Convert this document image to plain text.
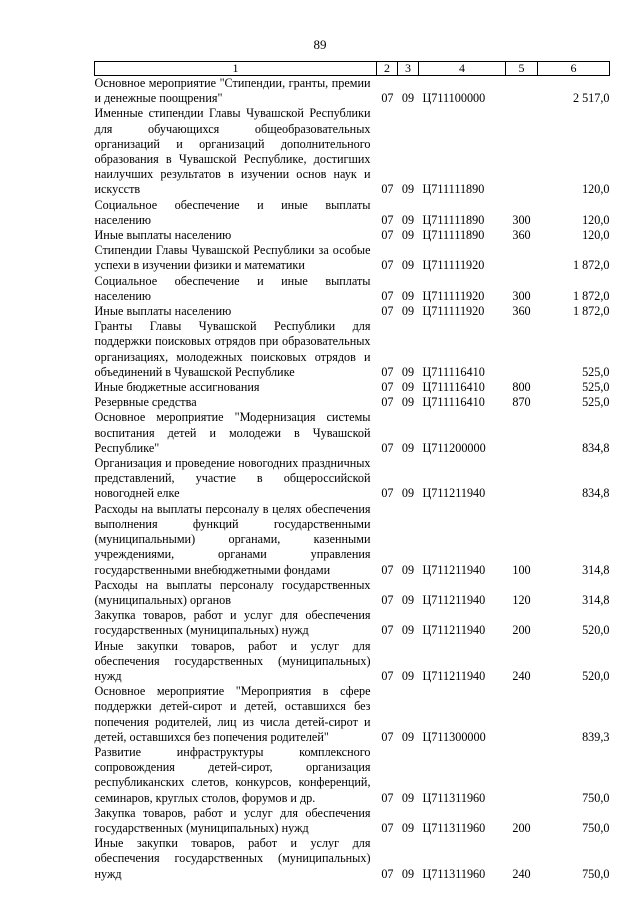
89
1	2	3	4	5	6
Основное мероприятие "Стипендии, гранты, премии и денежные поощрения"	07	09	Ц711100000		2 517,0
Именные стипендии Главы Чувашской Республики для обучающихся общеобразовательных организаций и организаций дополнительного образования в Чувашской Республике, достигших наилучших результатов в изучении основ наук и искусств	07	09	Ц711111890		120,0
Социальное обеспечение и иные выплаты населению	07	09	Ц711111890	300	120,0
Иные выплаты населению	07	09	Ц711111890	360	120,0
Стипендии Главы Чувашской Республики за особые успехи в изучении физики и математики	07	09	Ц711111920		1 872,0
Социальное обеспечение и иные выплаты населению	07	09	Ц711111920	300	1 872,0
Иные выплаты населению	07	09	Ц711111920	360	1 872,0
Гранты Главы Чувашской Республики для поддержки поисковых отрядов при образовательных организациях, молодежных поисковых отрядов и объединений в Чувашской Республике	07	09	Ц711116410		525,0
Иные бюджетные ассигнования	07	09	Ц711116410	800	525,0
Резервные средства	07	09	Ц711116410	870	525,0
Основное мероприятие "Модернизация системы воспитания детей и молодежи в Чувашской Республике"	07	09	Ц711200000		834,8
Организация и проведение новогодних праздничных представлений, участие в общероссийской новогодней елке	07	09	Ц711211940		834,8
Расходы на выплаты персоналу в целях обеспечения выполнения функций государственными (муниципальными) органами, казенными учреждениями, органами управления государственными внебюджетными фондами	07	09	Ц711211940	100	314,8
Расходы на выплаты персоналу государственных (муниципальных) органов	07	09	Ц711211940	120	314,8
Закупка товаров, работ и услуг для обеспечения государственных (муниципальных) нужд	07	09	Ц711211940	200	520,0
Иные закупки товаров, работ и услуг для обеспечения государственных (муниципальных) нужд	07	09	Ц711211940	240	520,0
Основное мероприятие "Мероприятия в сфере поддержки детей-сирот и детей, оставшихся без попечения родителей, лиц из числа детей-сирот и детей, оставшихся без попечения родителей"	07	09	Ц711300000		839,3
Развитие инфраструктуры комплексного сопровождения детей-сирот, организация республиканских слетов, конкурсов, конференций, семинаров, круглых столов, форумов и др.	07	09	Ц711311960		750,0
Закупка товаров, работ и услуг для обеспечения государственных (муниципальных) нужд	07	09	Ц711311960	200	750,0
Иные закупки товаров, работ и услуг для обеспечения государственных (муниципальных) нужд	07	09	Ц711311960	240	750,0
